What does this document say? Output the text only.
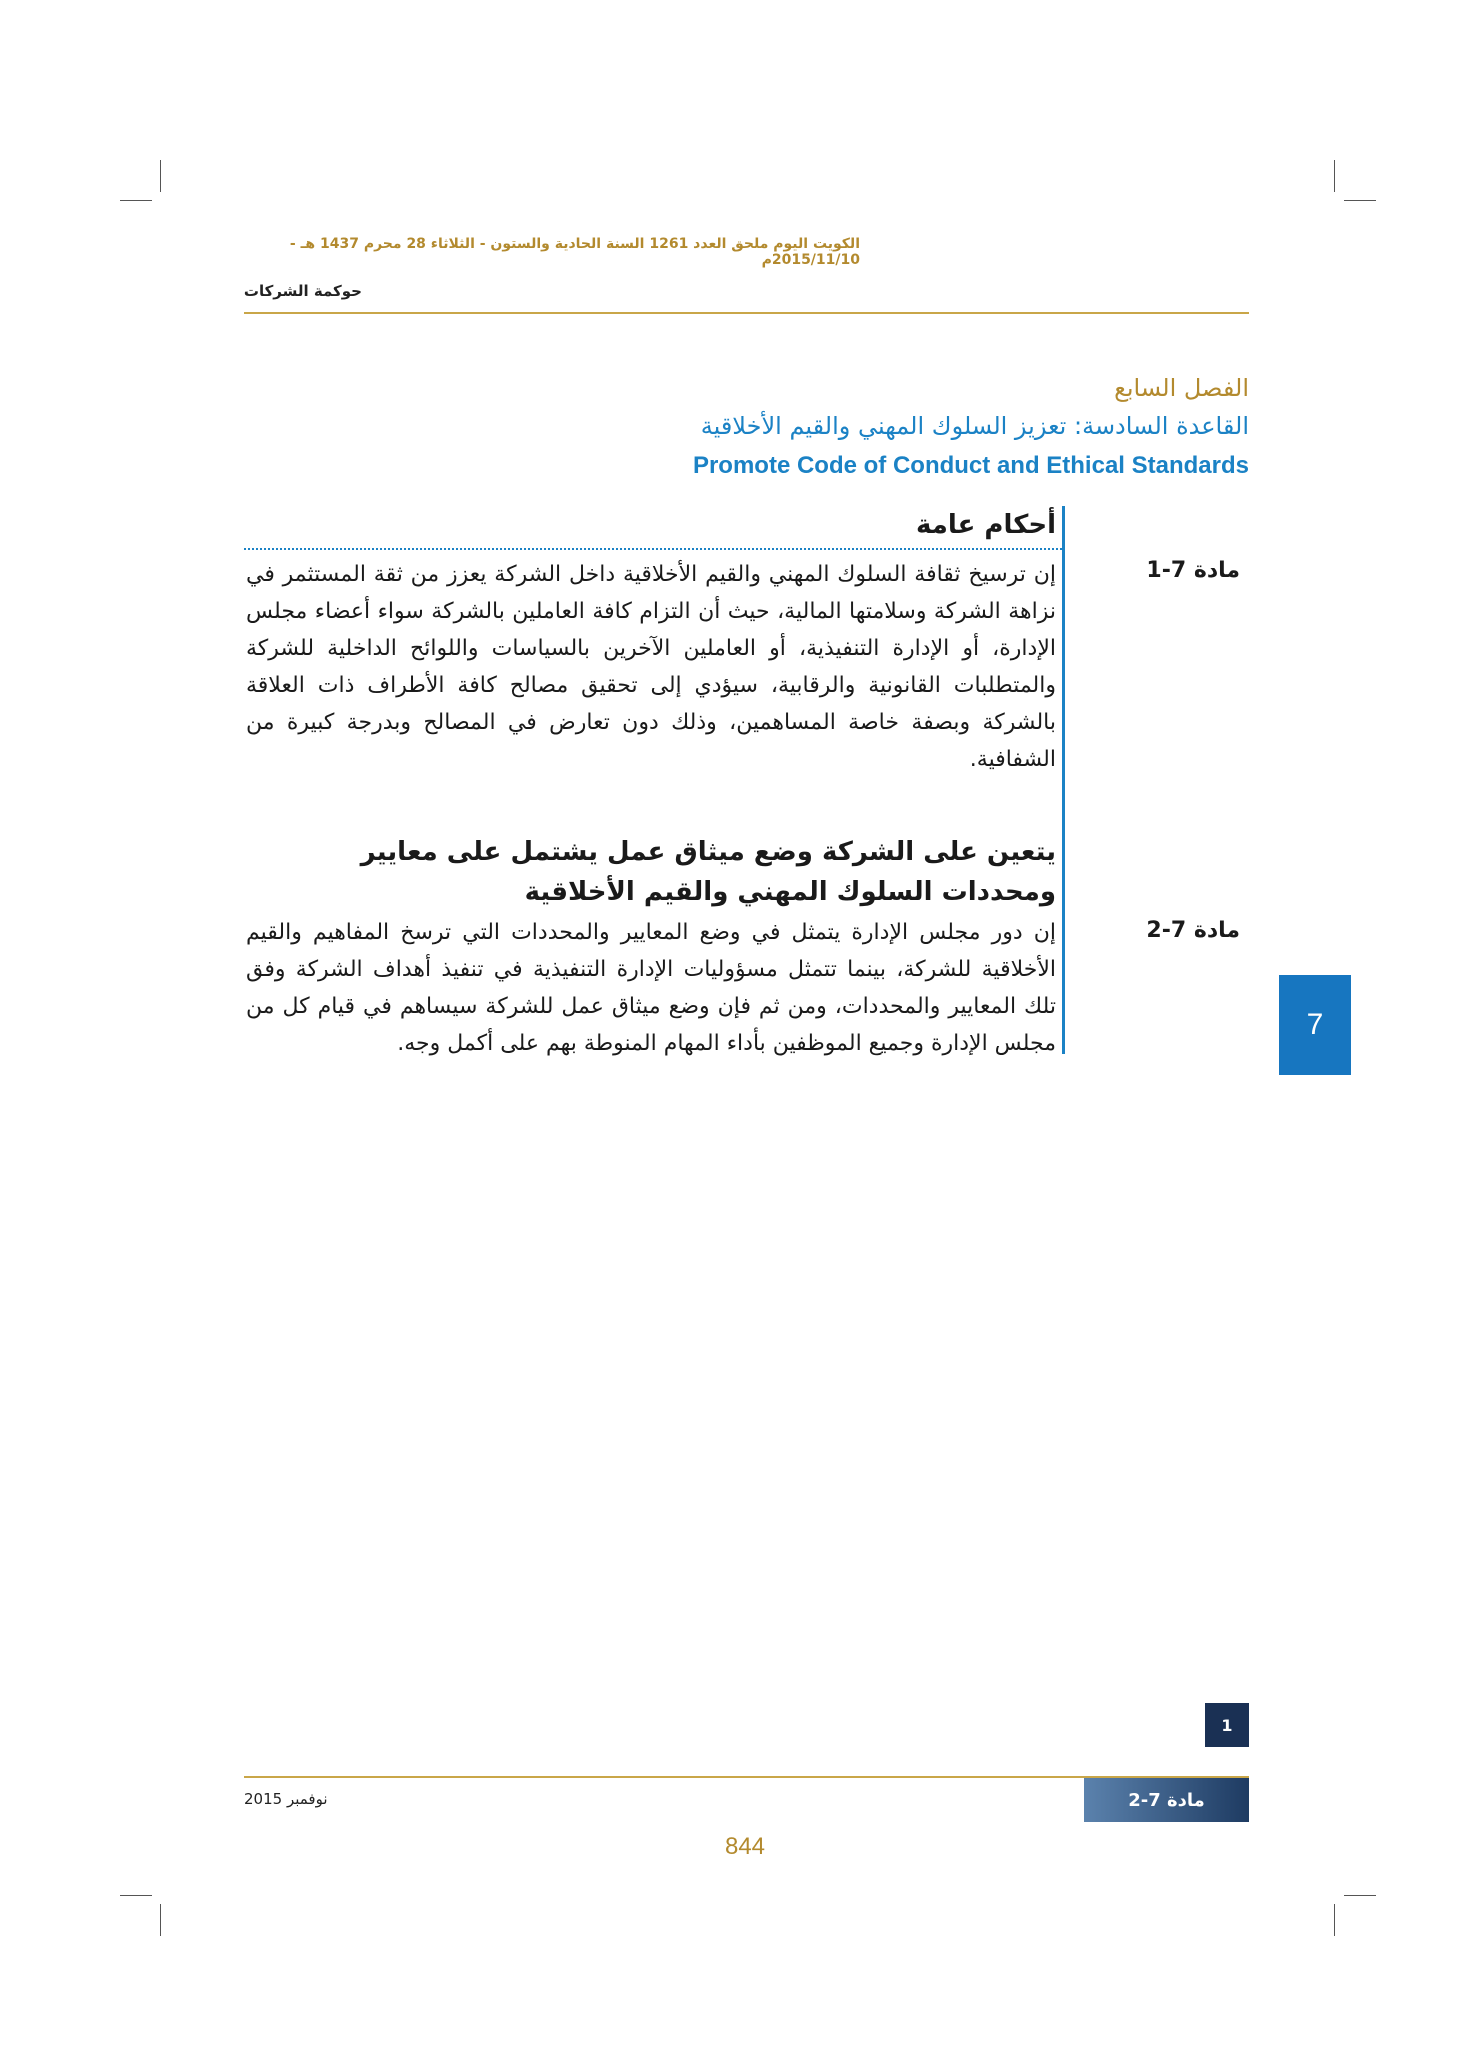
الكويت اليوم ملحق العدد 1261 السنة الحادية والستون - الثلاثاء 28 محرم 1437 هـ - 2015/11/10م
حوكمة الشركات
الفصل السابع
القاعدة السادسة: تعزيز السلوك المهني والقيم الأخلاقية
Promote Code of Conduct and Ethical Standards
أحكام عامة
مادة 7-1
إن ترسيخ ثقافة السلوك المهني والقيم الأخلاقية داخل الشركة يعزز من ثقة المستثمر في نزاهة الشركة وسلامتها المالية، حيث أن التزام كافة العاملين بالشركة سواء أعضاء مجلس الإدارة، أو الإدارة التنفيذية، أو العاملين الآخرين بالسياسات واللوائح الداخلية للشركة والمتطلبات القانونية والرقابية، سيؤدي إلى تحقيق مصالح كافة الأطراف ذات العلاقة بالشركة وبصفة خاصة المساهمين، وذلك دون تعارض في المصالح وبدرجة كبيرة من الشفافية.
يتعين على الشركة وضع ميثاق عمل يشتمل على معايير ومحددات السلوك المهني والقيم الأخلاقية
مادة 7-2
إن دور مجلس الإدارة يتمثل في وضع المعايير والمحددات التي ترسخ المفاهيم والقيم الأخلاقية للشركة، بينما تتمثل مسؤوليات الإدارة التنفيذية في تنفيذ أهداف الشركة وفق تلك المعايير والمحددات، ومن ثم فإن وضع ميثاق عمل للشركة سيساهم في قيام كل من مجلس الإدارة وجميع الموظفين بأداء المهام المنوطة بهم على أكمل وجه.
7
1
مادة 7-2
نوفمبر 2015
844
